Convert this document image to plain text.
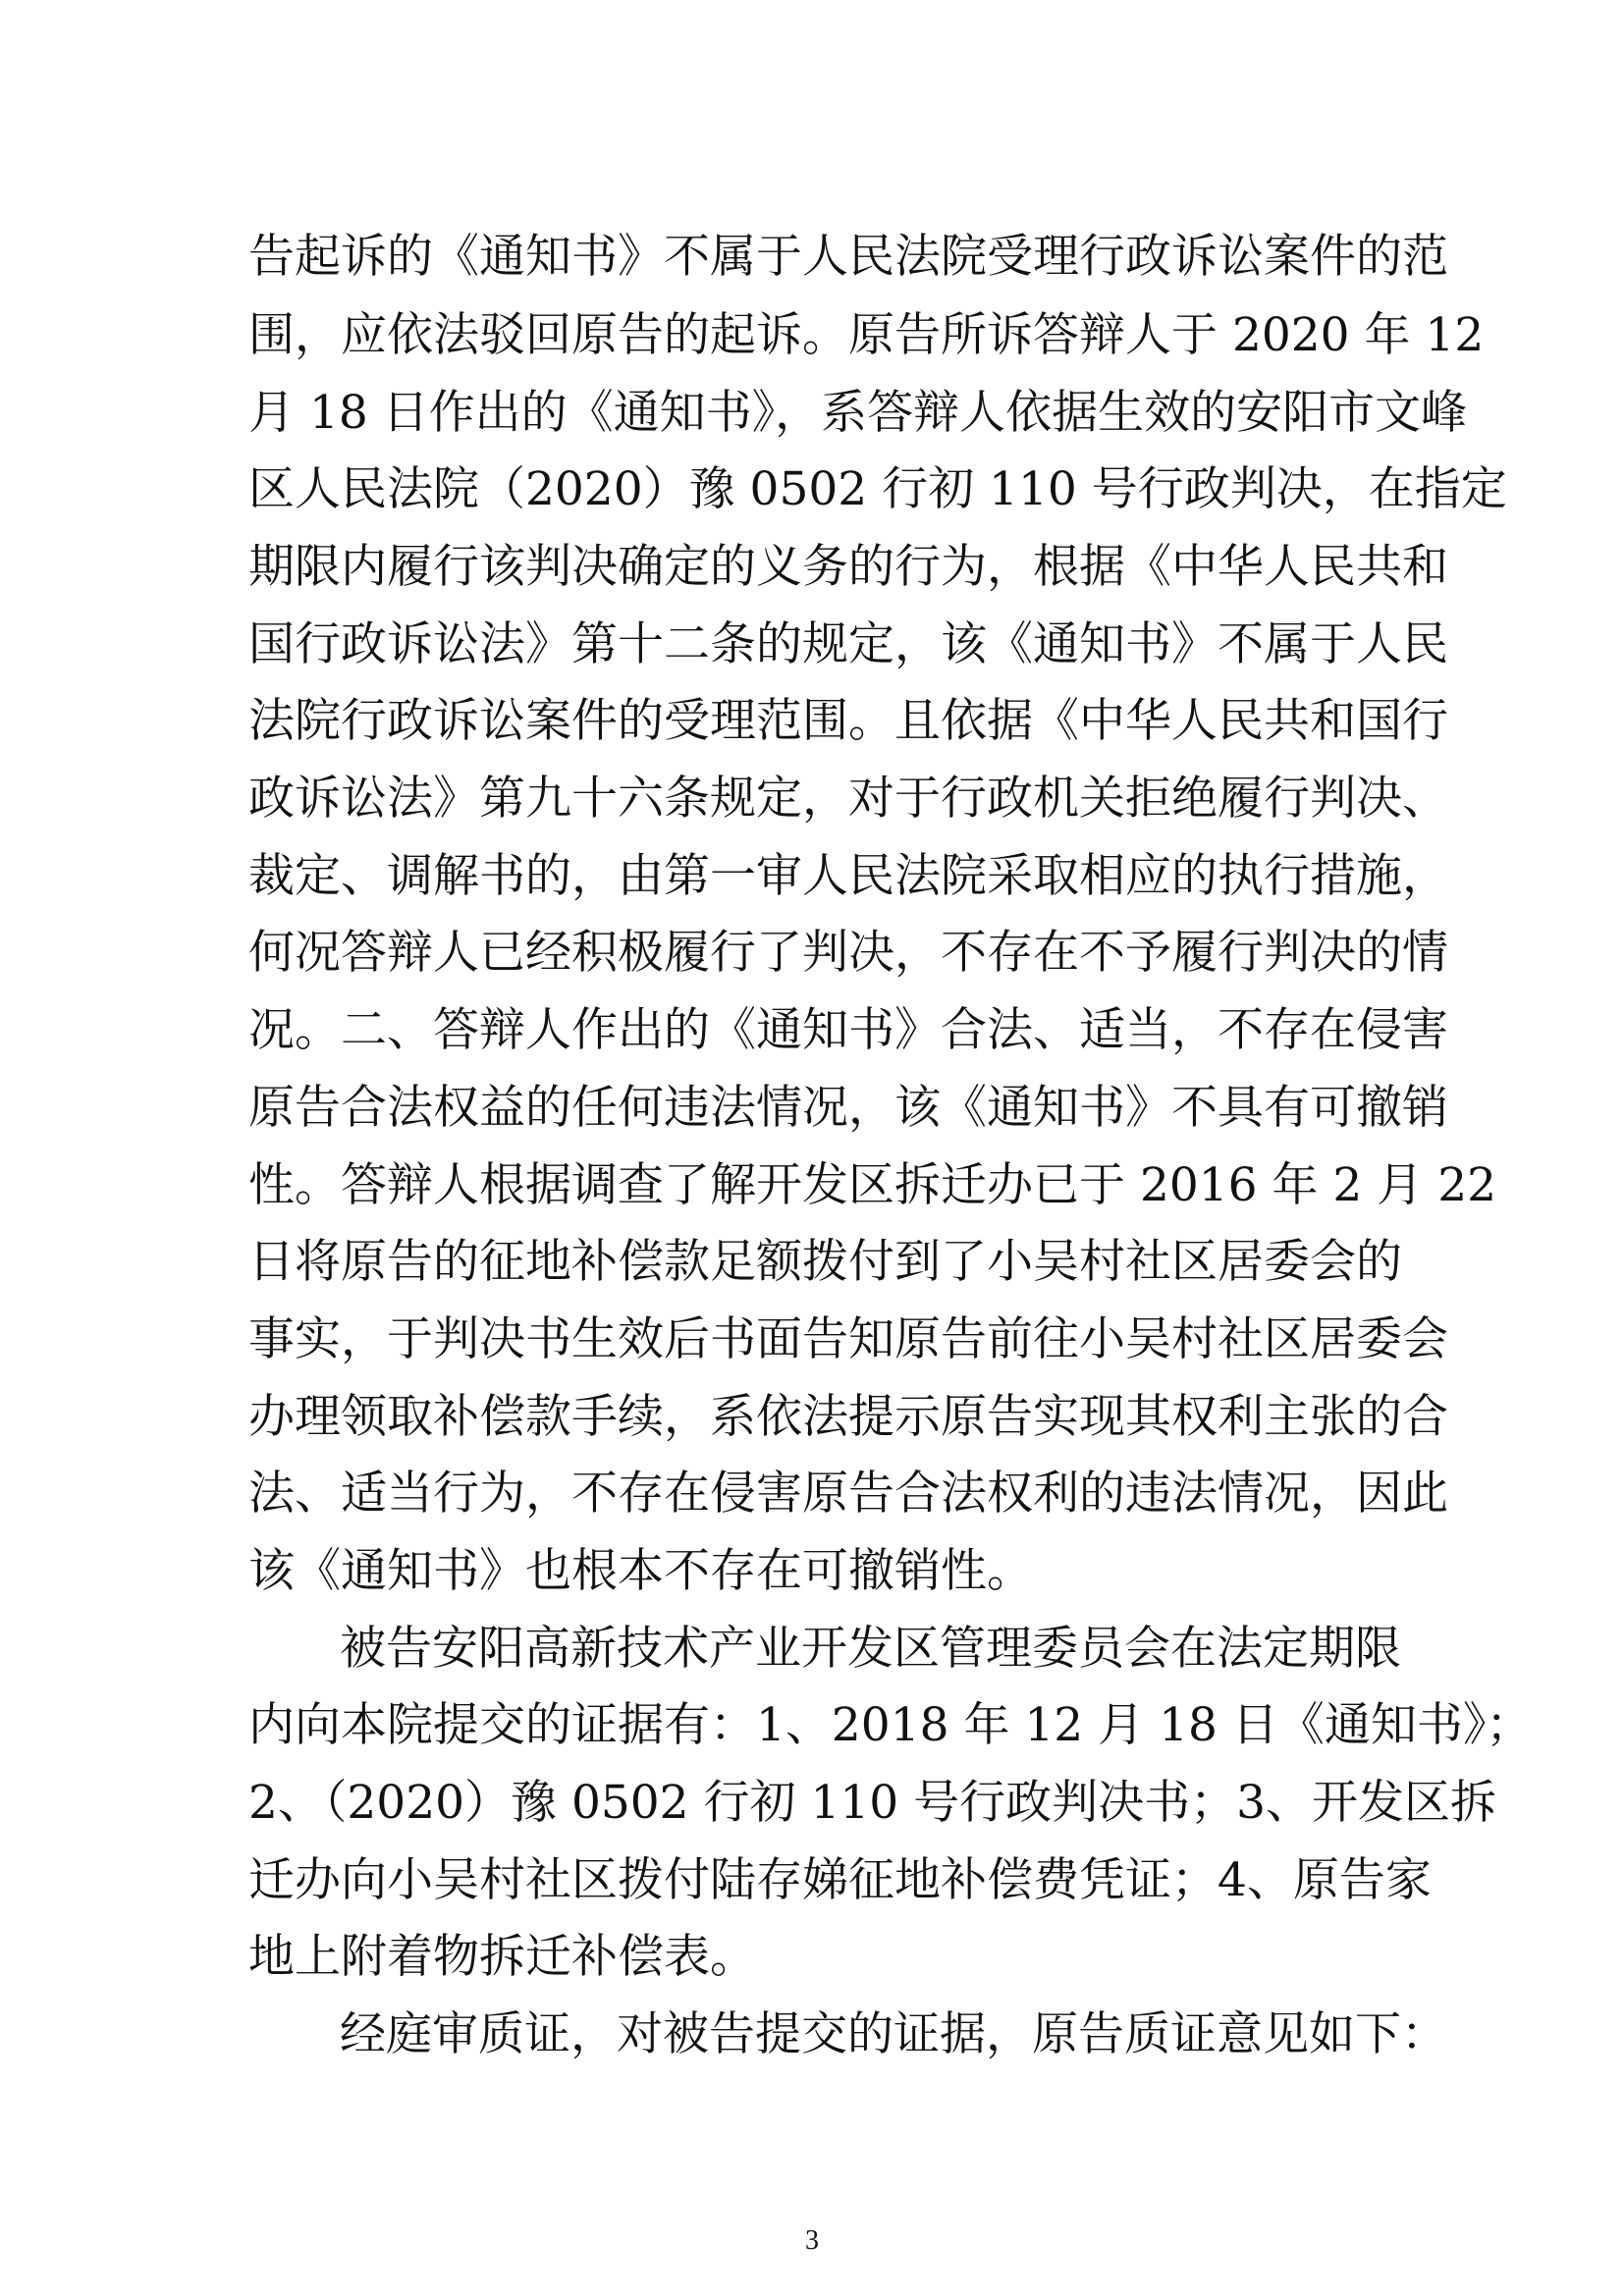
告起诉的《通知书》不属于人民法院受理行政诉讼案件的范
围，应依法驳回原告的起诉。原告所诉答辩人于 2020 年 12
月 18 日作出的《通知书》，系答辩人依据生效的安阳市文峰
区人民法院（2020）豫 0502 行初 110 号行政判决，在指定
期限内履行该判决确定的义务的行为，根据《中华人民共和
国行政诉讼法》第十二条的规定，该《通知书》不属于人民
法院行政诉讼案件的受理范围。且依据《中华人民共和国行
政诉讼法》第九十六条规定，对于行政机关拒绝履行判决、
裁定、调解书的，由第一审人民法院采取相应的执行措施，
何况答辩人已经积极履行了判决，不存在不予履行判决的情
况。二、答辩人作出的《通知书》合法、适当，不存在侵害
原告合法权益的任何违法情况，该《通知书》不具有可撤销
性。答辩人根据调查了解开发区拆迁办已于 2016 年 2 月 22
日将原告的征地补偿款足额拨付到了小吴村社区居委会的
事实，于判决书生效后书面告知原告前往小吴村社区居委会
办理领取补偿款手续，系依法提示原告实现其权利主张的合
法、适当行为，不存在侵害原告合法权利的违法情况，因此
该《通知书》也根本不存在可撤销性。
被告安阳高新技术产业开发区管理委员会在法定期限
内向本院提交的证据有：1、2018 年 12 月 18 日《通知书》；
2、（2020）豫 0502 行初 110 号行政判决书；3、开发区拆
迁办向小吴村社区拨付陆存娣征地补偿费凭证；4、原告家
地上附着物拆迁补偿表。
经庭审质证，对被告提交的证据，原告质证意见如下：
3
